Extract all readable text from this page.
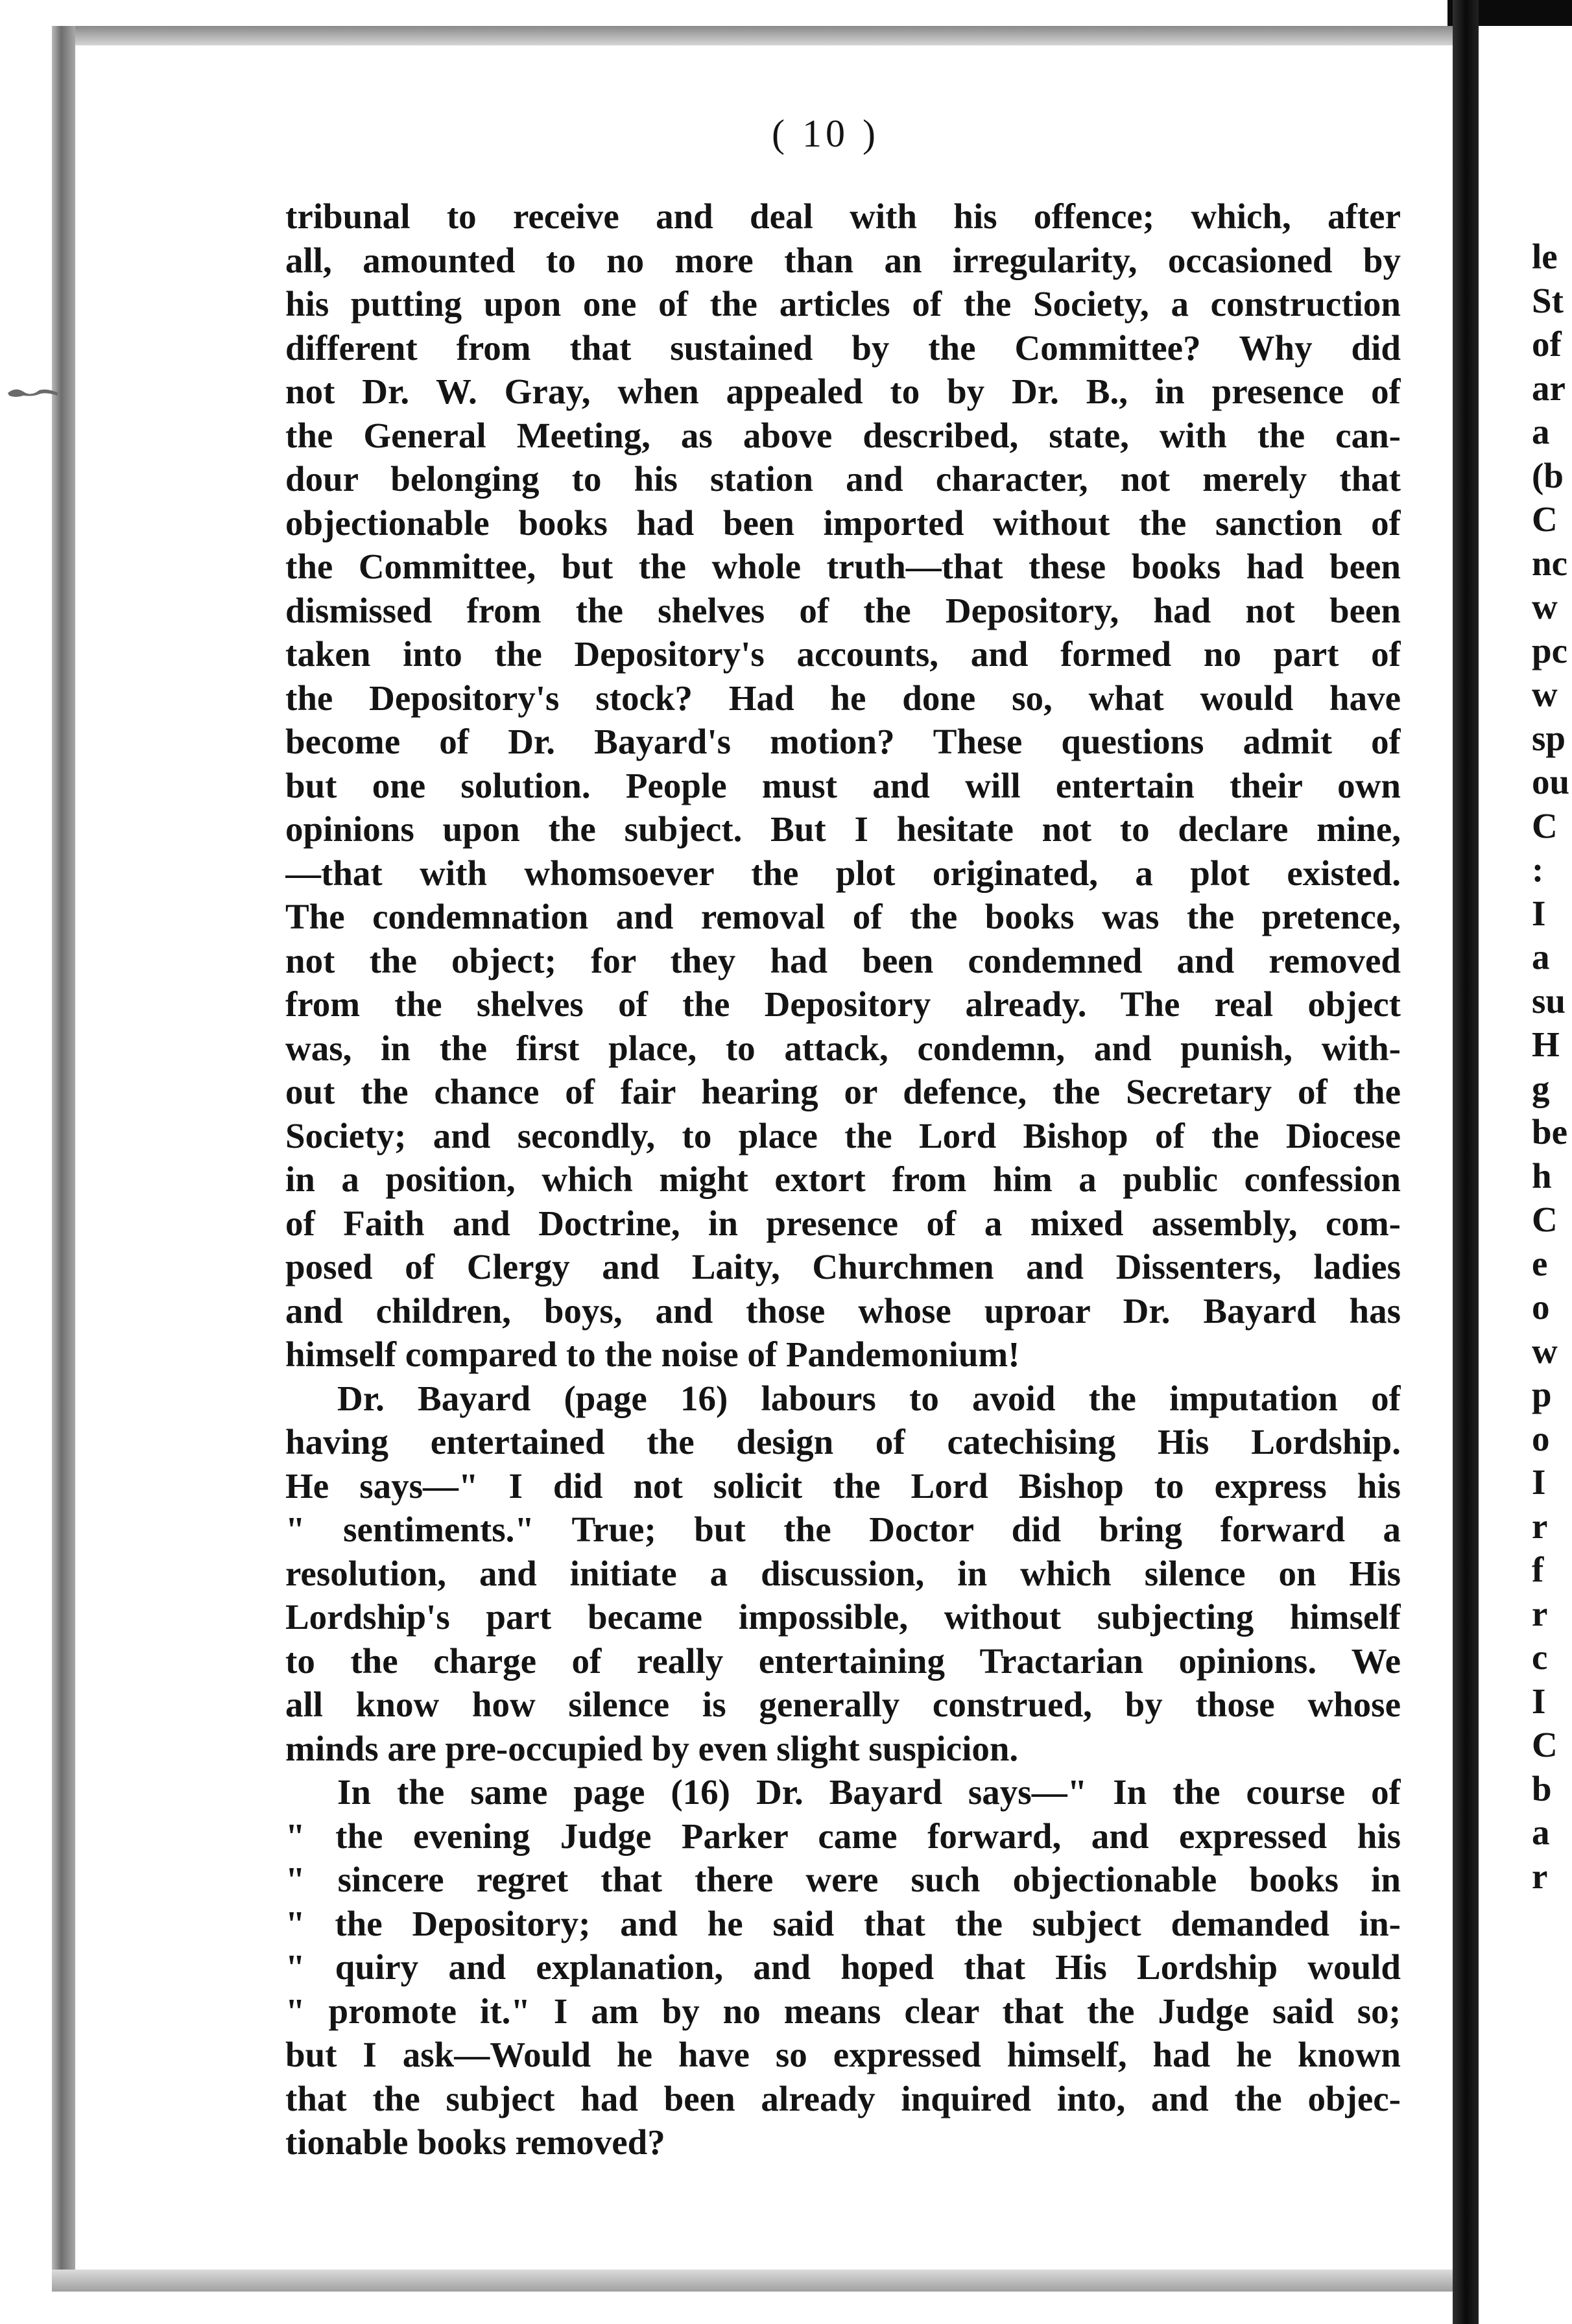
( 10 )
tribunal to receive and deal with his offence; which, after
all, amounted to no more than an irregularity, occasioned by
his putting upon one of the articles of the Society, a construction
different from that sustained by the Committee? Why did
not Dr. W. Gray, when appealed to by Dr. B., in presence of
the General Meeting, as above described, state, with the can-
dour belonging to his station and character, not merely that
objectionable books had been imported without the sanction of
the Committee, but the whole truth—that these books had been
dismissed from the shelves of the Depository, had not been
taken into the Depository's accounts, and formed no part of
the Depository's stock? Had he done so, what would have
become of Dr. Bayard's motion? These questions admit of
but one solution. People must and will entertain their own
opinions upon the subject. But I hesitate not to declare mine,
—that with whomsoever the plot originated, a plot existed.
The condemnation and removal of the books was the pretence,
not the object; for they had been condemned and removed
from the shelves of the Depository already. The real object
was, in the first place, to attack, condemn, and punish, with-
out the chance of fair hearing or defence, the Secretary of the
Society; and secondly, to place the Lord Bishop of the Diocese
in a position, which might extort from him a public confession
of Faith and Doctrine, in presence of a mixed assembly, com-
posed of Clergy and Laity, Churchmen and Dissenters, ladies
and children, boys, and those whose uproar Dr. Bayard has
himself compared to the noise of Pandemonium!
Dr. Bayard (page 16) labours to avoid the imputation of
having entertained the design of catechising His Lordship.
He says—" I did not solicit the Lord Bishop to express his
" sentiments." True; but the Doctor did bring forward a
resolution, and initiate a discussion, in which silence on His
Lordship's part became impossible, without subjecting himself
to the charge of really entertaining Tractarian opinions. We
all know how silence is generally construed, by those whose
minds are pre-occupied by even slight suspicion.
In the same page (16) Dr. Bayard says—" In the course of
" the evening Judge Parker came forward, and expressed his
" sincere regret that there were such objectionable books in
" the Depository; and he said that the subject demanded in-
" quiry and explanation, and hoped that His Lordship would
" promote it." I am by no means clear that the Judge said so;
but I ask—Would he have so expressed himself, had he known
that the subject had been already inquired into, and the objec-
tionable books removed?
le
St
of
ar
a
(b
C
nc
w
pc
w
sp
ou
C
:
I
a
su
H
g
be
h
C
e
o
w
p
o
I
r
f
r
c
I
C
b
a
r
